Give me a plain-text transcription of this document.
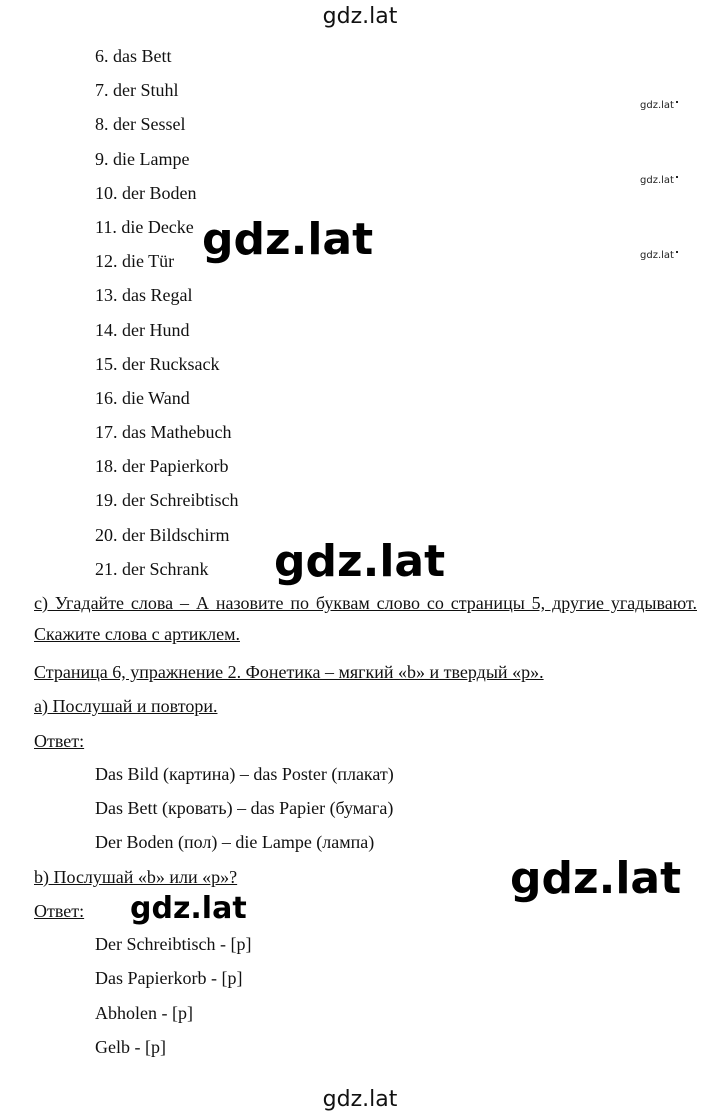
gdz.lat
6. das Bett
7. der Stuhl
8. der Sessel
9. die Lampe
10. der Boden
11. die Decke
12. die Tür
13. das Regal
14. der Hund
15. der Rucksack
16. die Wand
17. das Mathebuch
18. der Papierkorb
19. der Schreibtisch
20. der Bildschirm
21. der Schrank
gdz.lat
gdz.lat
gdz.lat

с) Угадайте слова – А назовите по буквам слово со страницы 5, другие угадывают. Скажите слова с артиклем.

Страница 6, упражнение 2. Фонетика – мягкий «b» и твердый «p».
а) Послушай и повтори.
Ответ:
Das Bild (картина) – das Poster (плакат)
Das Bett (кровать) – das Papier (бумага)
Der Boden (пол) – die Lampe (лампа)
b) Послушай «b» или «p»?
Ответ:
Der Schreibtisch - [p]
Das Papierkorb - [p]
Abholen - [p]
Gelb - [p]
gdz.lat
gdz.lat
gdz.lat
gdz.lat
gdz.lat
